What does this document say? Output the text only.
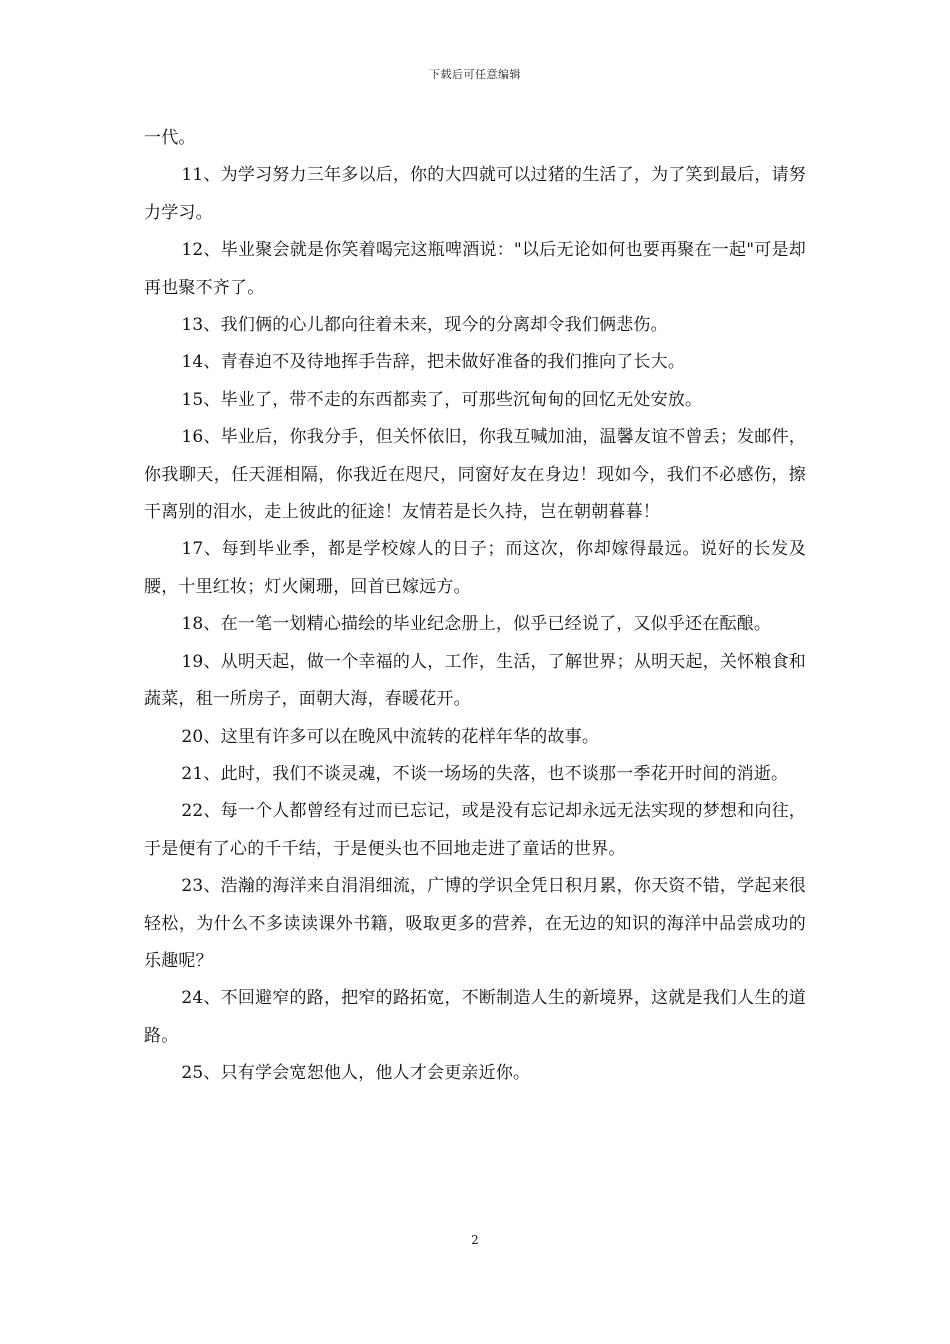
下载后可任意编辑

一代。

11、为学习努力三年多以后，你的大四就可以过猪的生活了，为了笑到最后，请努力学习。

12、毕业聚会就是你笑着喝完这瓶啤酒说："以后无论如何也要再聚在一起"可是却再也聚不齐了。

13、我们俩的心儿都向往着未来，现今的分离却令我们俩悲伤。

14、青春迫不及待地挥手告辞，把未做好准备的我们推向了长大。

15、毕业了，带不走的东西都卖了，可那些沉甸甸的回忆无处安放。

16、毕业后，你我分手，但关怀依旧，你我互喊加油，温馨友谊不曾丢；发邮件，你我聊天，任天涯相隔，你我近在咫尺，同窗好友在身边！现如今，我们不必感伤，擦干离别的泪水，走上彼此的征途！友情若是长久持，岂在朝朝暮暮！

17、每到毕业季，都是学校嫁人的日子；而这次，你却嫁得最远。说好的长发及腰，十里红妆；灯火阑珊，回首已嫁远方。

18、在一笔一划精心描绘的毕业纪念册上，似乎已经说了，又似乎还在酝酿。

19、从明天起，做一个幸福的人，工作，生活，了解世界；从明天起，关怀粮食和蔬菜，租一所房子，面朝大海，春暖花开。

20、这里有许多可以在晚风中流转的花样年华的故事。

21、此时，我们不谈灵魂，不谈一场场的失落，也不谈那一季花开时间的消逝。

22、每一个人都曾经有过而已忘记，或是没有忘记却永远无法实现的梦想和向往，于是便有了心的千千结，于是便头也不回地走进了童话的世界。

23、浩瀚的海洋来自涓涓细流，广博的学识全凭日积月累，你天资不错，学起来很轻松，为什么不多读读课外书籍，吸取更多的营养，在无边的知识的海洋中品尝成功的乐趣呢？

24、不回避窄的路，把窄的路拓宽，不断制造人生的新境界，这就是我们人生的道路。

25、只有学会宽恕他人，他人才会更亲近你。

2
